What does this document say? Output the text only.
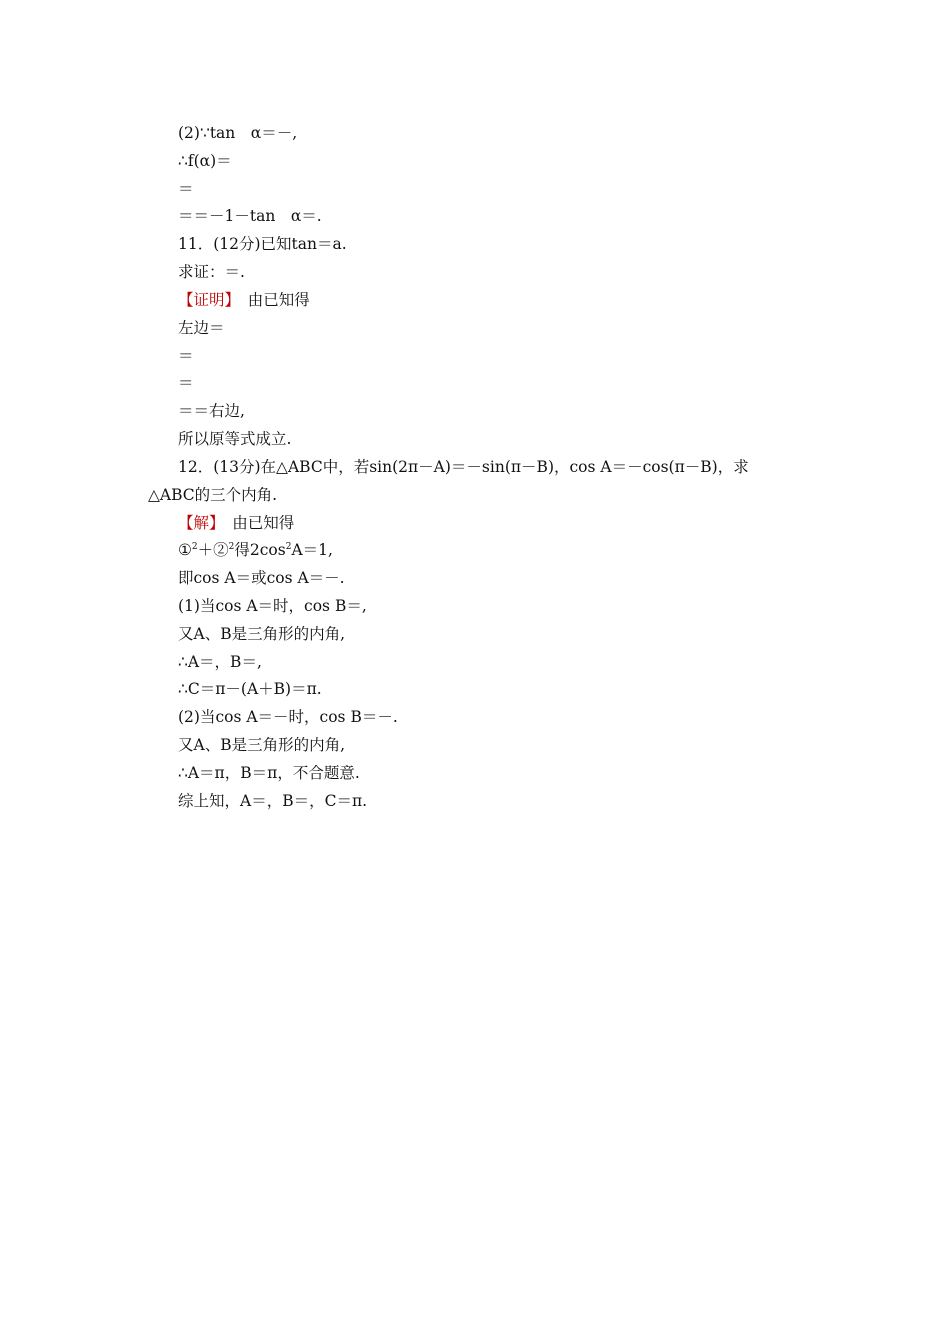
(2)∵tan　α＝－,
∴f(α)＝
＝
＝＝－1－tan　α＝.
11．(12分)已知tan＝a.
求证：＝.
【证明】　由已知得
左边＝
＝
＝
＝＝右边,
所以原等式成立.
12．(13分)在△ABC中，若sin(2π－A)＝－sin(π－B)，cos A＝－cos(π－B)，求
△ABC的三个内角.
【解】　由已知得
①$^2$＋②$^2$得$2\cos^2A=1$,
即cos A＝或cos A＝－.
(1)当cos A＝时，cos B＝,
又A、B是三角形的内角,
∴A＝，B＝,
∴C＝π－(A＋B)＝π.
(2)当cos A＝－时，cos B＝－.
又A、B是三角形的内角,
∴A＝π，B＝π，不合题意.
综上知，A＝，B＝，C＝π.
